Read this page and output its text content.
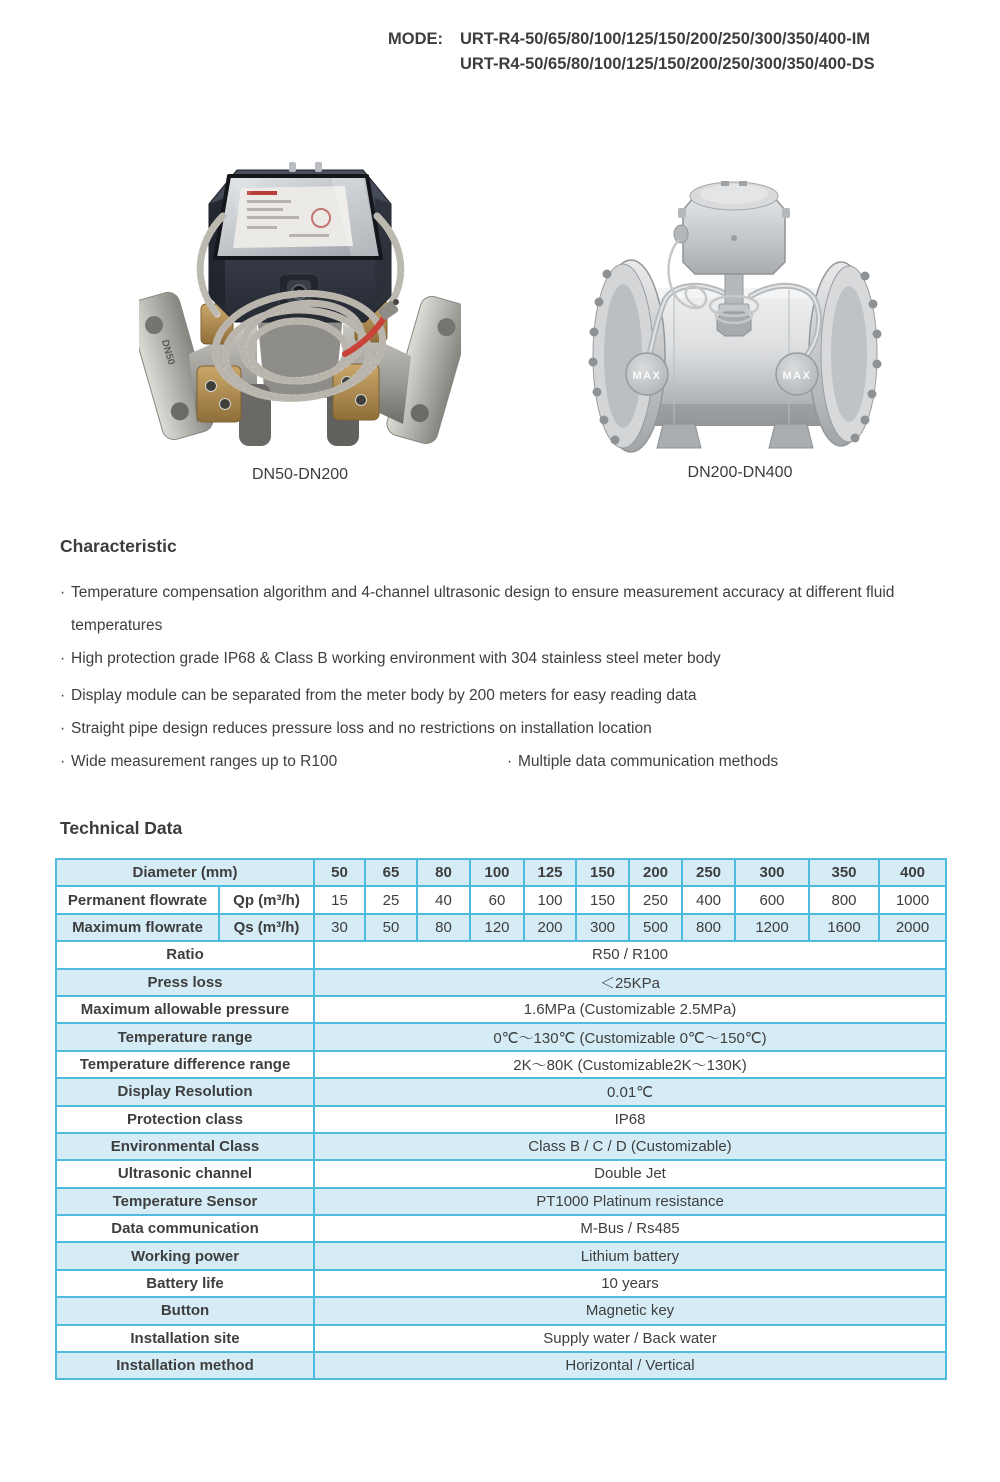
MODE:	URT-R4-50/65/80/100/125/150/200/250/300/350/400-IM
URT-R4-50/65/80/100/125/150/200/250/300/350/400-DS
DN50
DN50-DN200
MAX	MAX
DN200-DN400
Characteristic
· Temperature compensation algorithm and 4-channel ultrasonic design to ensure measurement accuracy at different fluid temperatures
· High protection grade IP68 & Class B working environment with 304 stainless steel meter body
· Display module can be separated from the meter body by 200 meters for easy reading data
· Straight pipe design reduces pressure loss and no restrictions on installation location
· Wide measurement ranges up to R100	· Multiple data communication methods
Technical Data
Diameter (mm)		50	65	80	100	125	150	200	250	300	350	400
Permanent flowrate	Qp (m³/h)	15	25	40	60	100	150	250	400	600	800	1000
Maximum flowrate	Qs (m³/h)	30	50	80	120	200	300	500	800	1200	1600	2000
Ratio		R50 / R100										
Press loss		＜25KPa										
Maximum allowable pressure		1.6MPa (Customizable 2.5MPa)										
Temperature range		0℃～130℃ (Customizable 0℃～150℃)										
Temperature difference range		2K～80K (Customizable2K～130K)										
Display Resolution		0.01℃										
Protection class		IP68										
Environmental Class		Class B / C / D (Customizable)										
Ultrasonic channel		Double Jet										
Temperature Sensor		PT1000 Platinum resistance										
Data communication		M-Bus / Rs485										
Working power		Lithium battery										
Battery life		10 years										
Button		Magnetic key										
Installation site		Supply water / Back water										
Installation method		Horizontal / Vertical										
